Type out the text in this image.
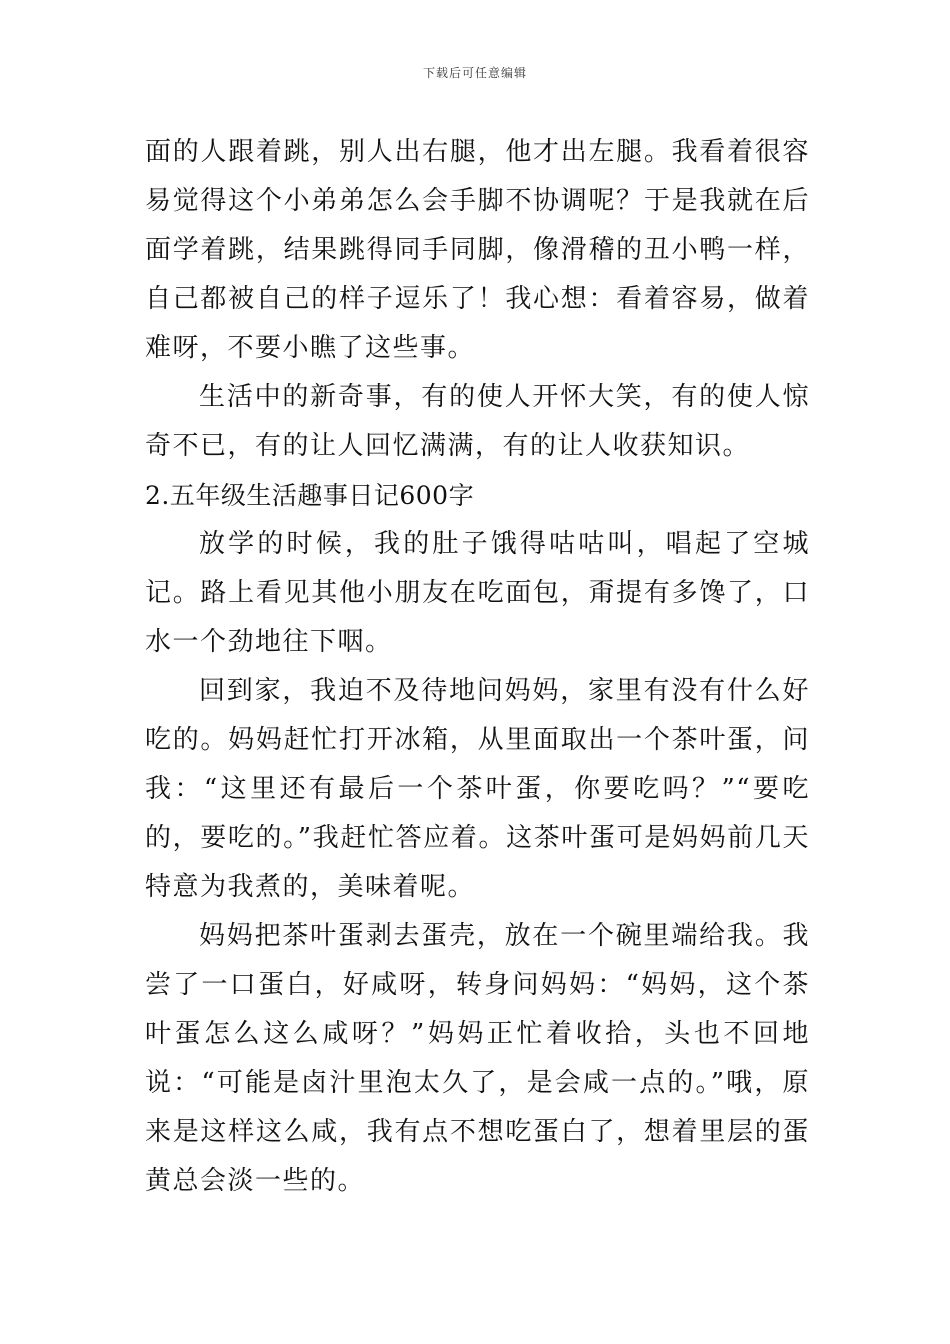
下载后可任意编辑

面的人跟着跳，别人出右腿，他才出左腿。我看着很容易觉得这个小弟弟怎么会手脚不协调呢？于是我就在后面学着跳，结果跳得同手同脚，像滑稽的丑小鸭一样，自己都被自己的样子逗乐了！我心想：看着容易，做着难呀，不要小瞧了这些事。

生活中的新奇事，有的使人开怀大笑，有的使人惊奇不已，有的让人回忆满满，有的让人收获知识。

2.五年级生活趣事日记600字

放学的时候，我的肚子饿得咕咕叫，唱起了空城记。路上看见其他小朋友在吃面包，甭提有多馋了，口水一个劲地往下咽。

回到家，我迫不及待地问妈妈，家里有没有什么好吃的。妈妈赶忙打开冰箱，从里面取出一个茶叶蛋，问我：“这里还有最后一个茶叶蛋，你要吃吗？”“要吃的，要吃的。”我赶忙答应着。这茶叶蛋可是妈妈前几天特意为我煮的，美味着呢。

妈妈把茶叶蛋剥去蛋壳，放在一个碗里端给我。我尝了一口蛋白，好咸呀，转身问妈妈：“妈妈，这个茶叶蛋怎么这么咸呀？”妈妈正忙着收拾，头也不回地说：“可能是卤汁里泡太久了，是会咸一点的。”哦，原来是这样这么咸，我有点不想吃蛋白了，想着里层的蛋黄总会淡一些的。
